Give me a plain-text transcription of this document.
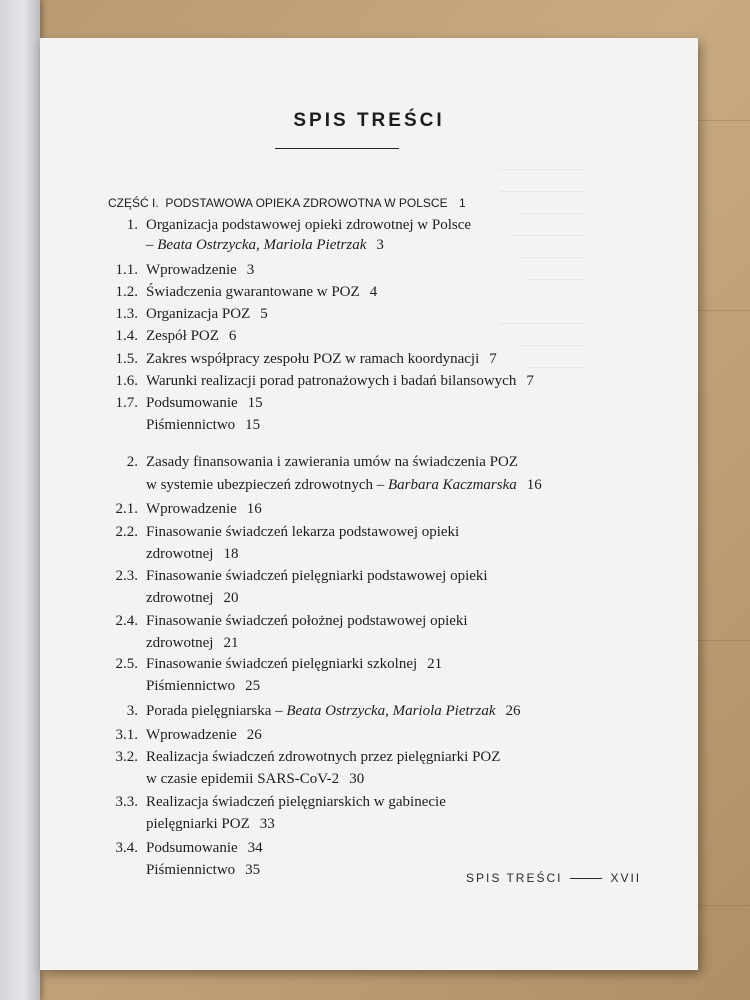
──────────
──────────
────────
─────────
────────
───────

──────────
────────
───────
SPIS TREŚCI
CZĘŚĆ I. PODSTAWOWA OPIEKA ZDROWOTNA W POLSCE 1
1. Organizacja podstawowej opieki zdrowotnej w Polsce
– Beata Ostrzycka, Mariola Pietrzak 3
1.1. Wprowadzenie 3
1.2. Świadczenia gwarantowane w POZ 4
1.3. Organizacja POZ 5
1.4. Zespół POZ 6
1.5. Zakres współpracy zespołu POZ w ramach koordynacji 7
1.6. Warunki realizacji porad patronażowych i badań bilansowych 7
1.7. Podsumowanie 15
Piśmiennictwo 15
2. Zasady finansowania i zawierania umów na świadczenia POZ
w systemie ubezpieczeń zdrowotnych – Barbara Kaczmarska 16
2.1. Wprowadzenie 16
2.2. Finasowanie świadczeń lekarza podstawowej opieki
zdrowotnej 18
2.3. Finasowanie świadczeń pielęgniarki podstawowej opieki
zdrowotnej 20
2.4. Finasowanie świadczeń położnej podstawowej opieki
zdrowotnej 21
2.5. Finasowanie świadczeń pielęgniarki szkolnej 21
Piśmiennictwo 25
3. Porada pielęgniarska – Beata Ostrzycka, Mariola Pietrzak 26
3.1. Wprowadzenie 26
3.2. Realizacja świadczeń zdrowotnych przez pielęgniarki POZ
w czasie epidemii SARS-CoV-2 30
3.3. Realizacja świadczeń pielęgniarskich w gabinecie
pielęgniarki POZ 33
3.4. Podsumowanie 34
Piśmiennictwo 35	SPIS TREŚCI	XVII
